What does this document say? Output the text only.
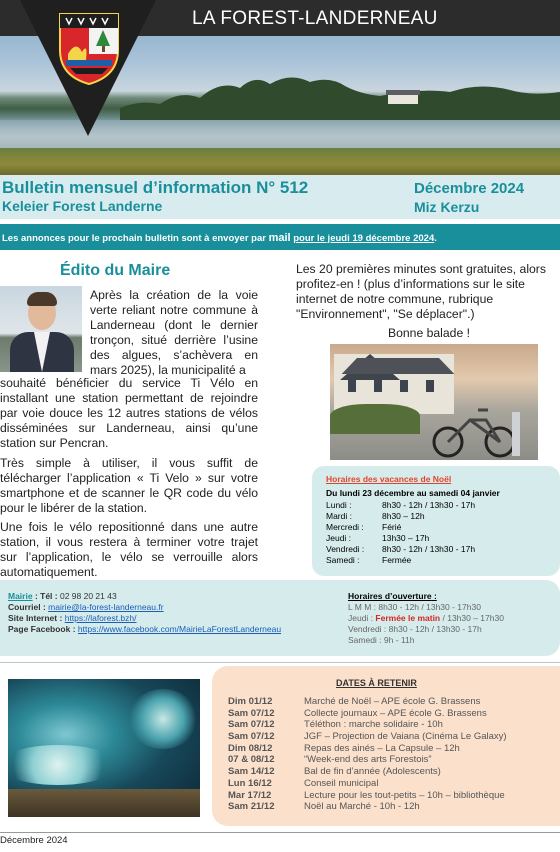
LA FOREST-LANDERNEAU
Bulletin mensuel d’information N° 512
Keleier Forest Landerne
Décembre 2024
Miz Kerzu
Les annonces pour le prochain bulletin sont à envoyer par mail pour le jeudi 19 décembre 2024.
Édito du Maire

Après la création de la voie verte reliant notre commune à Landerneau (dont le dernier tronçon, situé derrière l’usine des algues, s’achèvera en mars 2025), la municipalité a

souhaité bénéficier du service Ti Vélo en installant une station permettant de rejoindre par voie douce les 12 autres stations de vélos disséminées sur Landerneau, ainsi qu’une station sur Pencran.

Très simple à utiliser, il vous suffit de télécharger l’application « Ti Velo » sur votre smartphone et de scanner le QR code du vélo pour le libérer de la station.

Une fois le vélo repositionné dans une autre station, il vous restera à terminer votre trajet sur l’application, le vélo se verrouille alors automatiquement.

Les 20 premières minutes sont gratuites, alors
profitez-en ! (plus d’informations sur le site
internet de notre commune, rubrique
"Environnement", "Se déplacer".)
Bonne balade !
Horaires des vacances de Noël
Du lundi 23 décembre au samedi 04 janvier
Lundi :	8h30 - 12h / 13h30 - 17h
Mardi :	8h30 – 12h
Mercredi : Férié
Jeudi :	13h30 – 17h
Vendredi : 8h30 - 12h / 13h30 - 17h
Samedi :	Fermée
Mairie : Tél : 02 98 20 21 43
Courriel : mairie@la-forest-landerneau.fr
Site Internet : https://laforest.bzh/
Page Facebook : https://www.facebook.com/MairieLaForestLanderneau
Horaires d’ouverture :
L M M : 8h30 - 12h / 13h30 - 17h30
Jeudi : Fermée le matin / 13h30 – 17h30
Vendredi : 8h30 - 12h / 13h30 - 17h
Samedi : 9h - 11h
DATES À RETENIR
Dim 01/12	Marché de Noël – APE école G. Brassens
Sam 07/12	Collecte journaux – APE école G. Brassens
Sam 07/12	Téléthon : marche solidaire - 10h
Sam 07/12	JGF – Projection de Vaiana (Cinéma Le Galaxy)
Dim 08/12	Repas des ainés – La Capsule – 12h
07 & 08/12	“Week-end des arts Forestois”
Sam 14/12	Bal de fin d’année (Adolescents)
Lun 16/12	Conseil municipal
Mar 17/12	Lecture pour les tout-petits – 10h – bibliothèque
Sam 21/12	Noël au Marché - 10h - 12h
Décembre 2024
